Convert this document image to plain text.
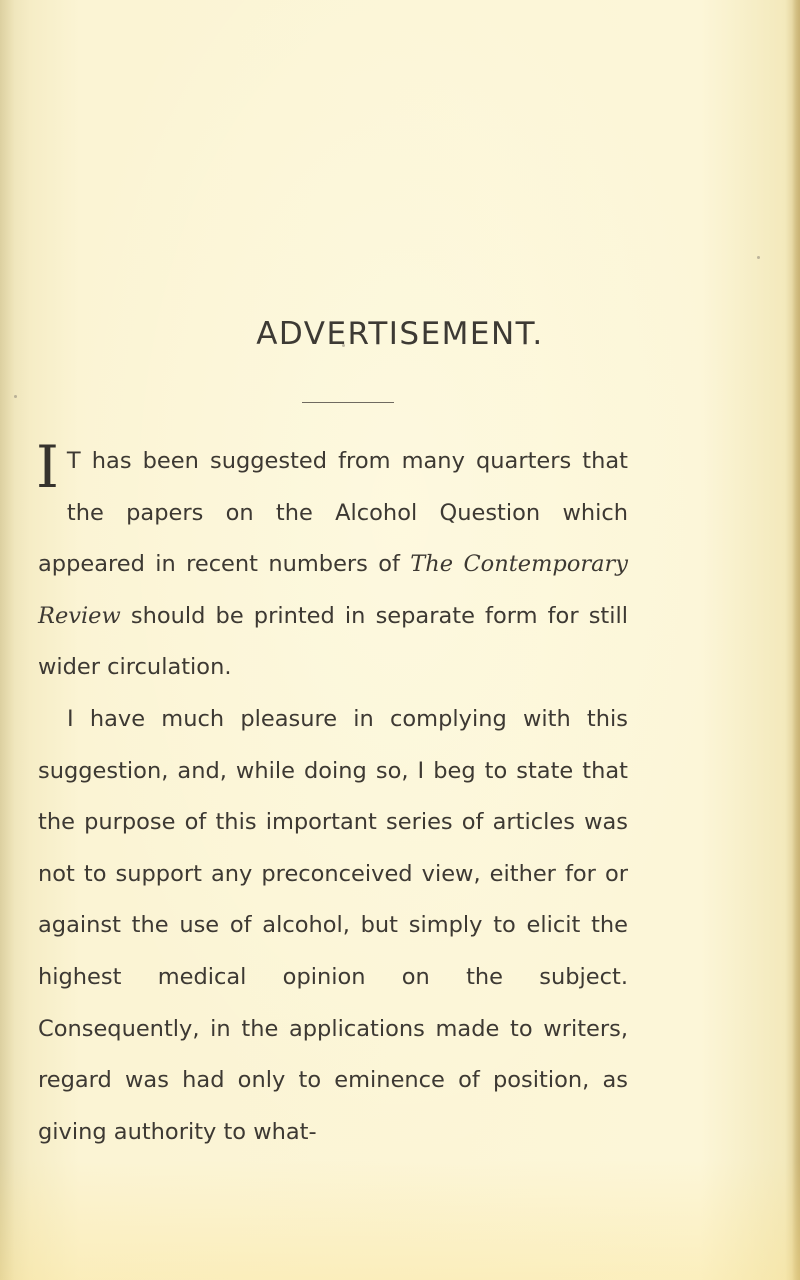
ADVERTISEMENT.

I T has been suggested from many quarters that the papers on the Alcohol Question which appeared in recent numbers of The Contemporary Review should be printed in separate form for still wider circulation.

I have much pleasure in complying with this suggestion, and, while doing so, I beg to state that the purpose of this important series of articles was not to support any preconceived view, either for or against the use of alcohol, but simply to elicit the highest medical opinion on the subject. Consequently, in the applications made to writers, regard was had only to eminence of position, as giving authority to what-
